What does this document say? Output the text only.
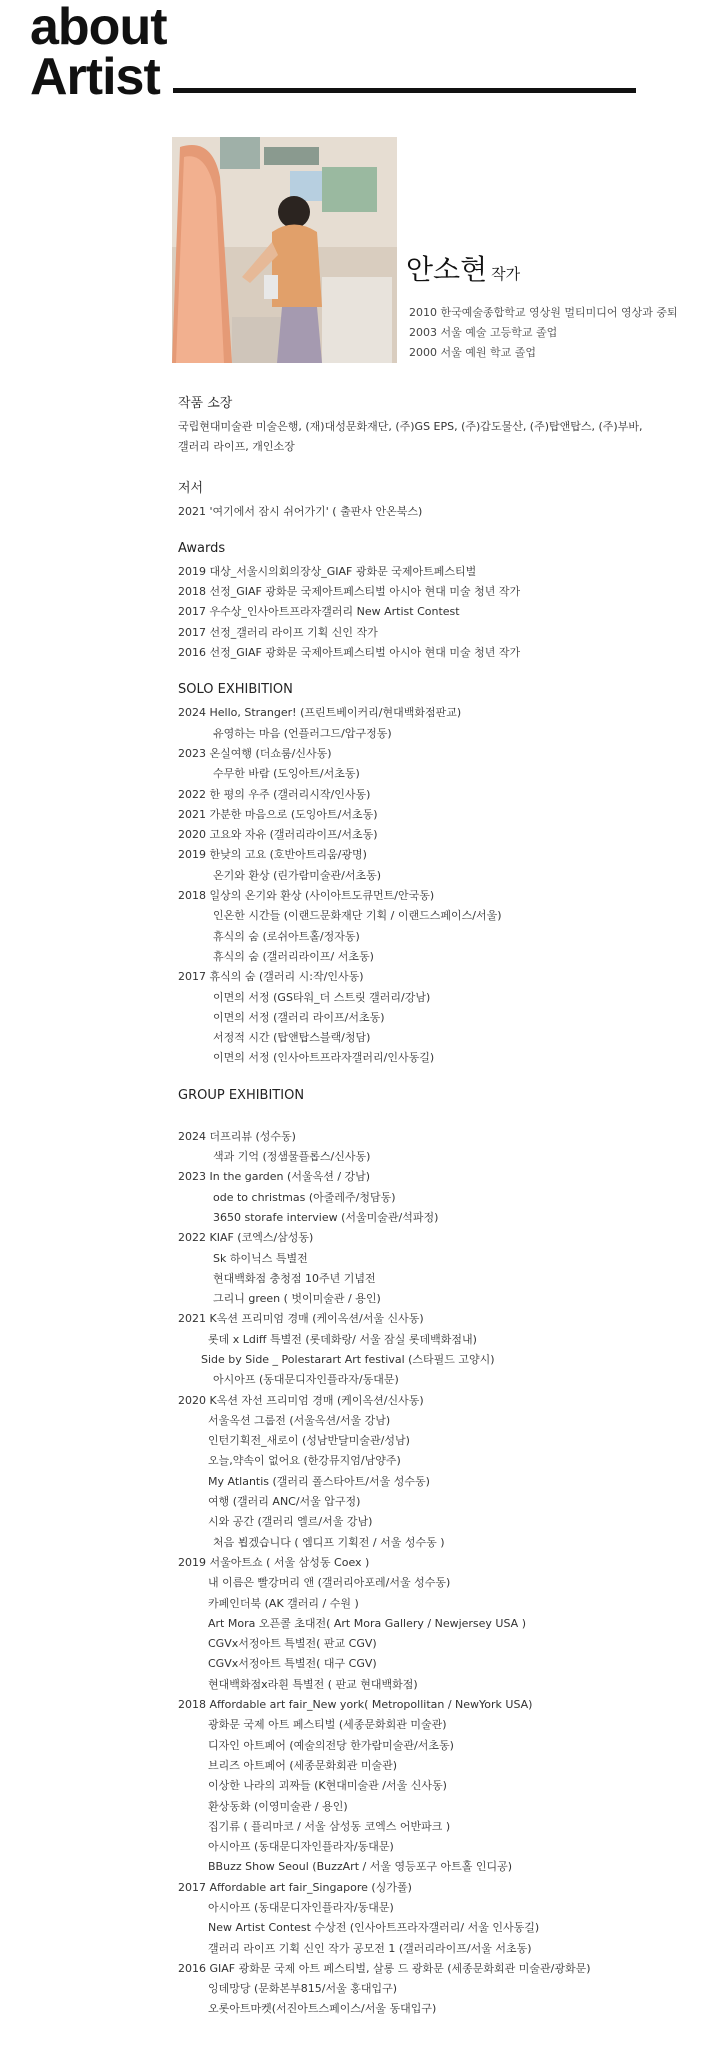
about
Artist
안소현 작가
2010 한국예술종합학교 영상원 멀티미디어 영상과 중퇴
2003 서울 예술 고등학교 졸업
2000 서울 예원 학교 졸업
작품 소장
국립현대미술관 미술은행, (재)대성문화재단, (주)GS EPS, (주)갑도물산, (주)탑앤탑스, (주)부바,
갤러리 라이프, 개인소장
저서
2021 '여기에서 잠시 쉬어가기' ( 출판사 안온북스)
Awards
2019 대상_서울시의회의장상_GIAF 광화문 국제아트페스티벌
2018 선정_GIAF 광화문 국제아트페스티벌 아시아 현대 미술 청년 작가
2017 우수상_인사아트프라자갤러리 New Artist Contest
2017 선정_갤러리 라이프 기획 신인 작가
2016 선정_GIAF 광화문 국제아트페스티벌 아시아 현대 미술 청년 작가
SOLO EXHIBITION
2024 Hello, Stranger! (프린트베이커리/현대백화점판교)
유영하는 마음 (언플러그드/압구정동)
2023 온실여행 (더쇼룸/신사동)
수무한 바람 (도잉아트/서초동)
2022 한 평의 우주 (갤러리시작/인사동)
2021 가분한 마음으로 (도잉아트/서초동)
2020 고요와 자유 (갤러리라이프/서초동)
2019 한낮의 고요 (호반아트리움/광명)
온기와 환상 (린가람미술관/서초동)
2018 일상의 온기와 환상 (사이아트도큐먼트/안국동)
인온한 시간들 (이랜드문화재단 기획 / 이랜드스페이스/서울)
휴식의 숨 (로쉬아트홀/정자동)
휴식의 숨 (갤러리라이프/ 서초동)
2017 휴식의 숨 (갤러리 시:작/인사동)
이면의 서정 (GS타워_더 스트릿 갤러리/강남)
이면의 서정 (갤러리 라이프/서초동)
서정적 시간 (탑앤탑스블랙/청담)
이면의 서정 (인사아트프라자갤러리/인사동길)
GROUP EXHIBITION
2024 더프리뷰 (성수동)
색과 기억 (정샘물플롭스/신사동)
2023 In the garden (서울옥션 / 강남)
ode to christmas (아줄레주/청담동)
3650 storafe interview (서울미술관/석파정)
2022 KIAF (코엑스/삼성동)
Sk 하이닉스 특별전
현대백화점 충청점 10주년 기념전
그리니 green ( 벗이미술관 / 용인)
2021 K옥션 프리미엄 경매 (케이옥션/서울 신사동)
롯데 x Ldiff 특별전 (롯데화랑/ 서울 잠실 롯데백화점내)
Side by Side _ Polestarart Art festival (스타필드 고양시)
아시아프 (동대문디자인플라자/동대문)
2020 K옥션 자선 프리미엄 경매 (케이옥션/신사동)
서울옥션 그룹전 (서울옥션/서울 강남)
인턴기획전_새로이 (성남반달미술관/성남)
오늘,약속이 없어요 (한강뮤지엄/남양주)
My Atlantis (갤러리 폴스타아트/서울 성수동)
여행 (갤러리 ANC/서울 압구정)
시와 공간 (갤러리 엘르/서울 강남)
처음 뵙겠습니다 ( 엠디프 기획전 / 서울 성수동 )
2019 서울아트쇼 ( 서울 삼성동 Coex )
내 이름은 빨강머리 앤 (갤러리아포레/서울 성수동)
카페인더북 (AK 갤러리 / 수원 )
Art Mora 오픈콜 초대전( Art Mora Gallery / Newjersey USA )
CGVx서정아트 특별전( 판교 CGV)
CGVx서정아트 특별전( 대구 CGV)
현대백화점x라흰 특별전 ( 판교 현대백화점)
2018 Affordable art fair_New york( Metropollitan / NewYork USA)
광화문 국제 아트 페스티벌 (세종문화회관 미술관)
디자인 아트페어 (예술의전당 한가람미술관/서초동)
브리즈 아트페어 (세종문화회관 미술관)
이상한 나라의 괴짜들 (K현대미술관 /서울 신사동)
환상동화 (이영미술관 / 용인)
집기류 ( 플리마코 / 서울 삼성동 코엑스 어반파크 )
아시아프 (동대문디자인플라자/동대문)
BBuzz Show Seoul (BuzzArt / 서울 영등포구 아트홀 인디공)
2017 Affordable art fair_Singapore (싱가폴)
아시아프 (동대문디자인플라자/동대문)
New Artist Contest 수상전 (인사아트프라자갤러리/ 서울 인사동길)
갤러리 라이프 기획 신인 작가 공모전 1 (갤러리라이프/서울 서초동)
2016 GIAF 광화문 국제 아트 페스티벌, 살롱 드 광화문 (세종문화회관 미술관/광화문)
잉데망당 (문화본부815/서울 홍대입구)
오롯아트마켓(서진아트스페이스/서울 동대입구)
